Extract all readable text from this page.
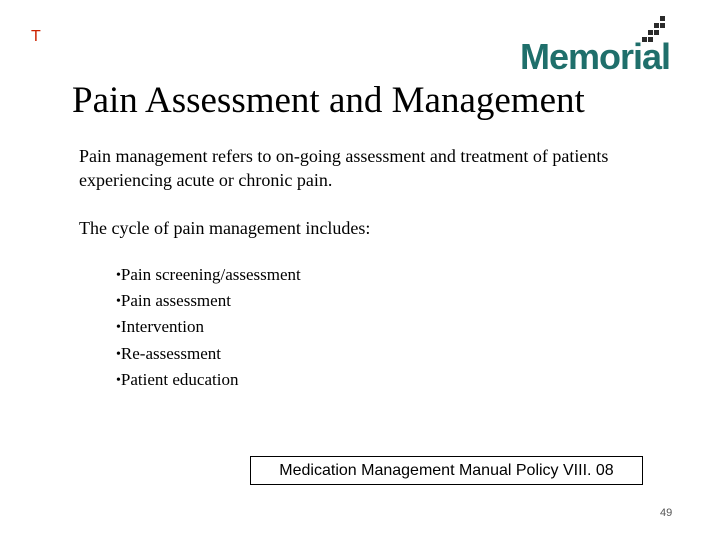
T	Memorial
Pain Assessment and Management
Pain management refers to on-going assessment and treatment of patients experiencing acute or chronic pain.
The cycle of pain management includes:
•Pain screening/assessment
•Pain assessment
•Intervention
•Re-assessment
•Patient education
Medication Management Manual Policy VIII. 08
49
